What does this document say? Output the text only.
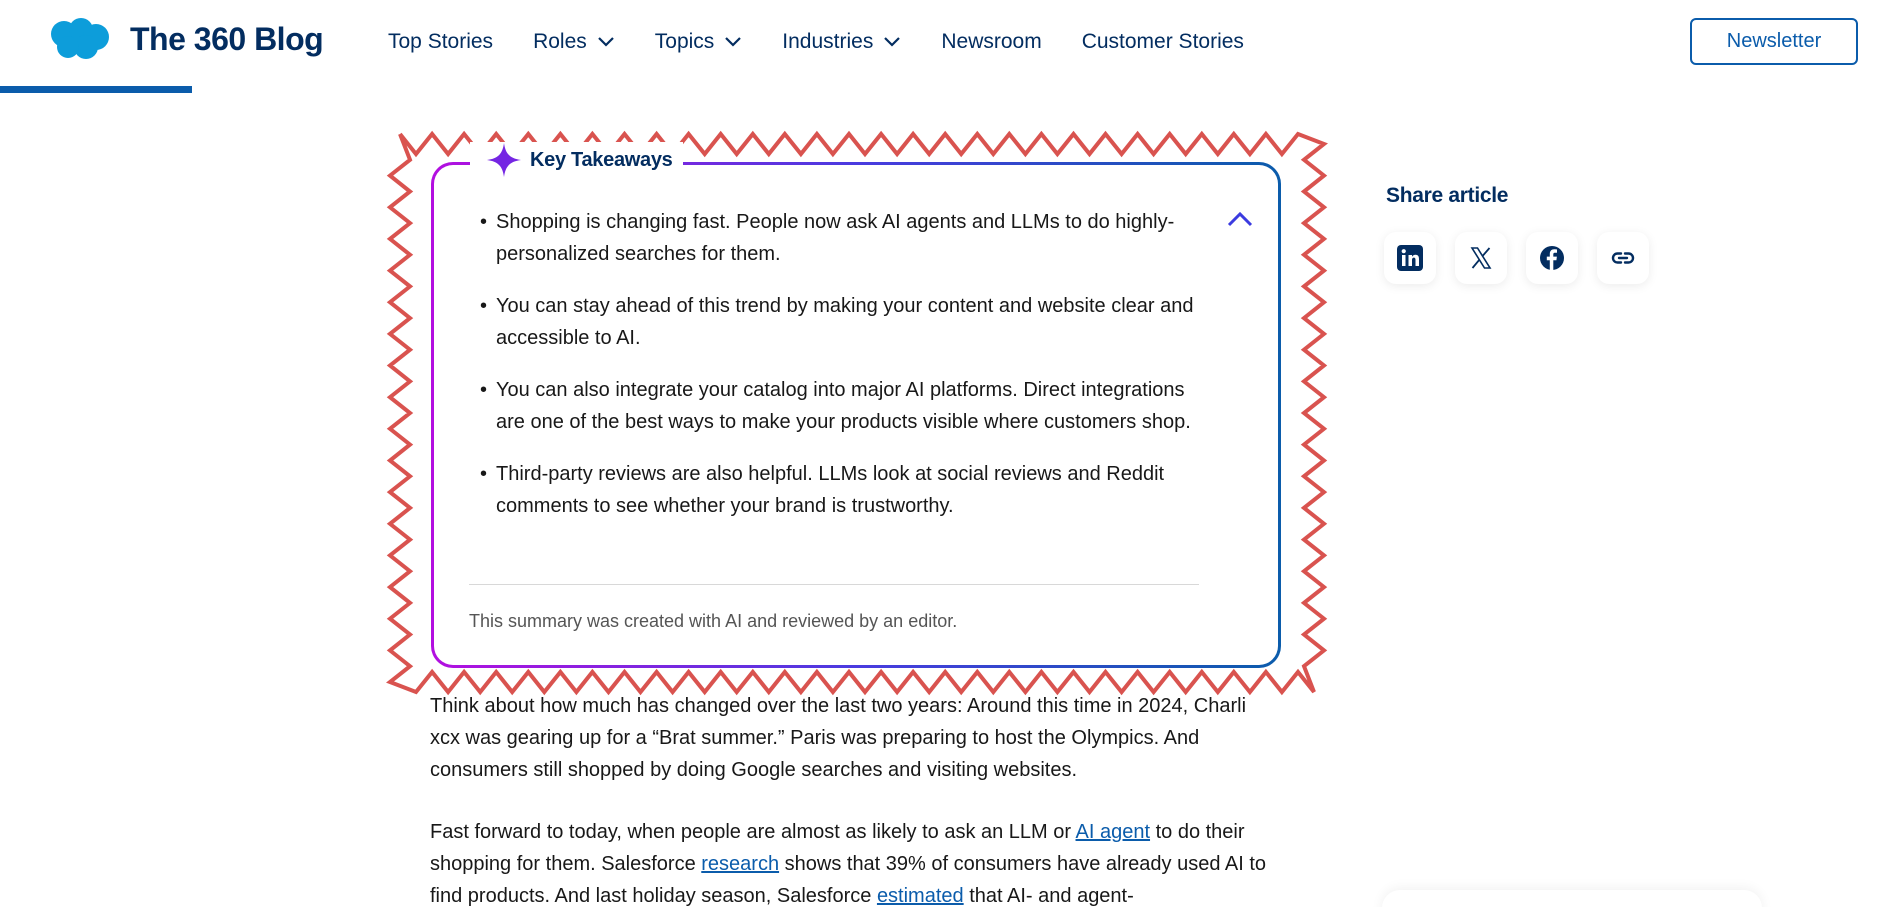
The 360 Blog	Top Stories Roles	Topics	Industries	Newsroom Customer Stories	Newsletter
Key Takeaways
• Shopping is changing fast. People now ask AI agents and LLMs to do highly-personalized searches for them.
• You can stay ahead of this trend by making your content and website clear and accessible to AI.
• You can also integrate your catalog into major AI platforms. Direct integrations are one of the best ways to make your products visible where customers shop.
• Third-party reviews are also helpful. LLMs look at social reviews and Reddit comments to see whether your brand is trustworthy.
This summary was created with AI and reviewed by an editor.
Share article

Think about how much has changed over the last two years: Around this time in 2024, Charli xcx was gearing up for a “Brat summer.” Paris was preparing to host the Olympics. And consumers still shopped by doing Google searches and visiting websites.

Fast forward to today, when people are almost as likely to ask an LLM or AI agent to do their shopping for them. Salesforce research shows that 39% of consumers have already used AI to find products. And last holiday season, Salesforce estimated that AI- and agent-
